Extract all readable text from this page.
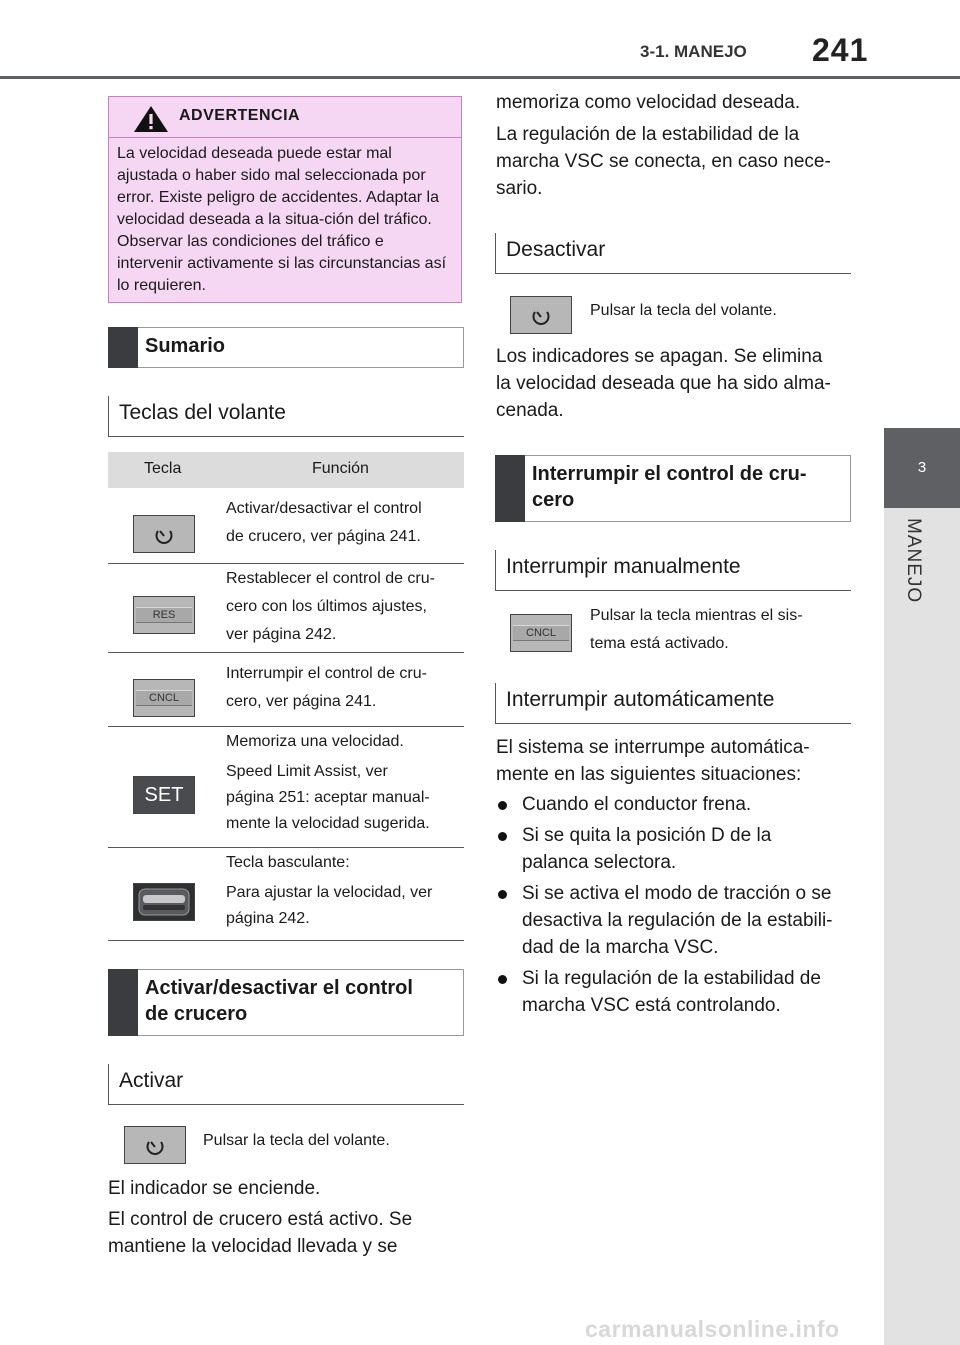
3-1. MANEJO 241
3
MANEJO
ADVERTENCIA
La velocidad deseada puede estar mal ajustada o haber sido mal seleccionada por error. Existe peligro de accidentes. Adaptar la velocidad deseada a la situa-ción del tráfico. Observar las condiciones del tráfico e intervenir activamente si las circunstancias así lo requieren.
Sumario
Teclas del volante
Tecla	Función
Activar/desactivar el control
de crucero, ver página 241.
RES
Restablecer el control de cru-
cero con los últimos ajustes,
ver página 242.
CNCL
Interrumpir el control de cru-
cero, ver página 241.
SET
Memoriza una velocidad.
Speed Limit Assist, ver
página 251: aceptar manual-
mente la velocidad sugerida.
Tecla basculante:
Para ajustar la velocidad, ver
página 242.
Activar/desactivar el control
de crucero
Activar
Pulsar la tecla del volante.
El indicador se enciende.
El control de crucero está activo. Se
mantiene la velocidad llevada y se
memoriza como velocidad deseada.
La regulación de la estabilidad de la
marcha VSC se conecta, en caso nece-
sario.
Desactivar
Pulsar la tecla del volante.
Los indicadores se apagan. Se elimina
la velocidad deseada que ha sido alma-
cenada.
Interrumpir el control de cru-
cero
Interrumpir manualmente
CNCL
Pulsar la tecla mientras el sis-
tema está activado.
Interrumpir automáticamente
El sistema se interrumpe automática-
mente en las siguientes situaciones:
Cuando el conductor frena.
Si se quita la posición D de la
palanca selectora.
Si se activa el modo de tracción o se
desactiva la regulación de la estabili-
dad de la marcha VSC.
Si la regulación de la estabilidad de
marcha VSC está controlando.
carmanualsonline.info
